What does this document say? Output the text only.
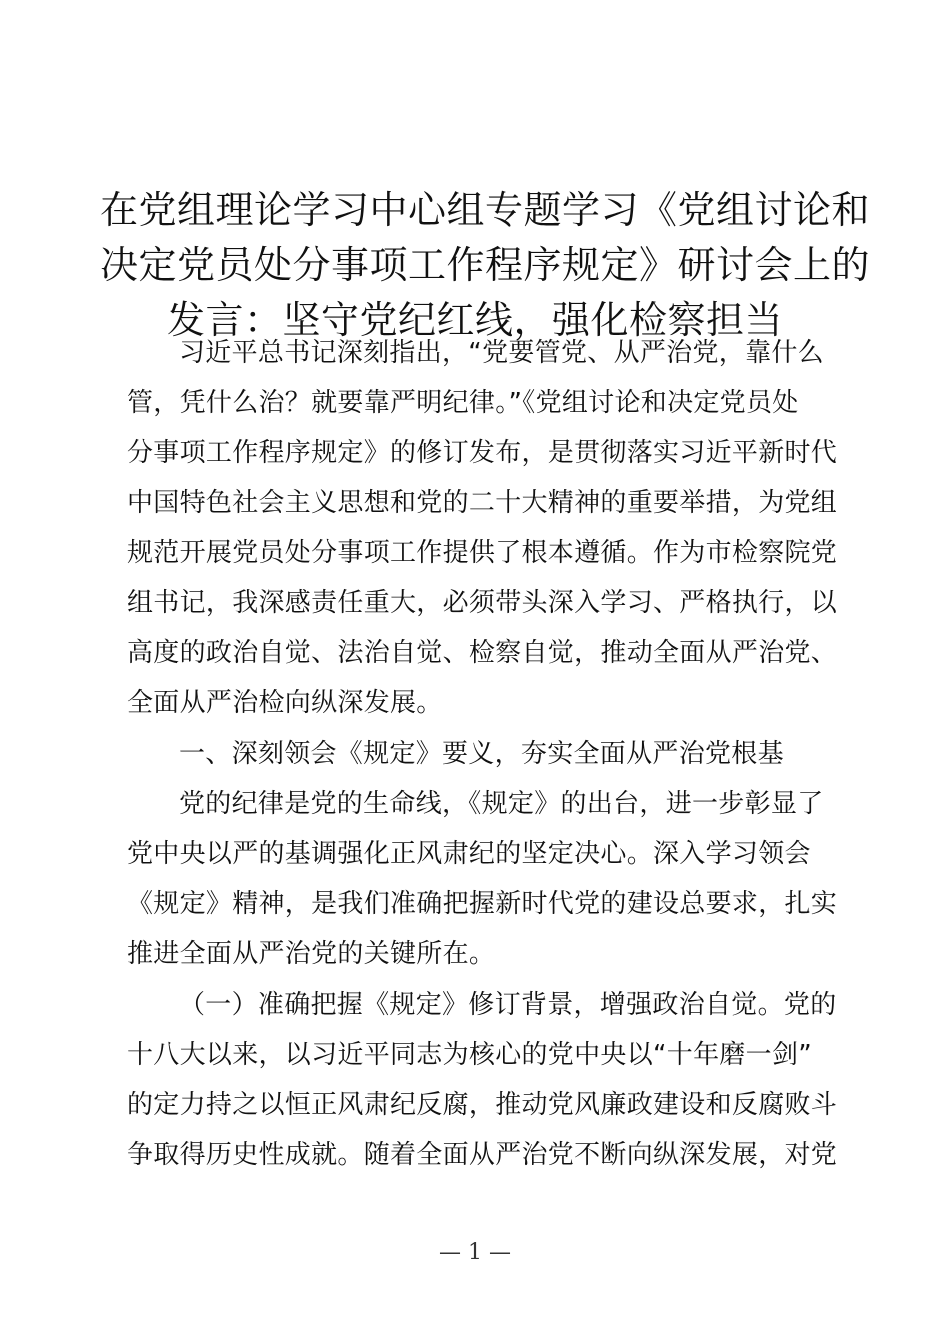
在党组理论学习中心组专题学习《党组讨论和
决定党员处分事项工作程序规定》研讨会上的
发言：坚守党纪红线，强化检察担当
习近平总书记深刻指出，“党要管党、从严治党，靠什么
管，凭什么治？就要靠严明纪律。”《党组讨论和决定党员处
分事项工作程序规定》的修订发布，是贯彻落实习近平新时代
中国特色社会主义思想和党的二十大精神的重要举措，为党组
规范开展党员处分事项工作提供了根本遵循。作为市检察院党
组书记，我深感责任重大，必须带头深入学习、严格执行，以
高度的政治自觉、法治自觉、检察自觉，推动全面从严治党、
全面从严治检向纵深发展。
一、深刻领会《规定》要义，夯实全面从严治党根基
党的纪律是党的生命线，《规定》的出台，进一步彰显了
党中央以严的基调强化正风肃纪的坚定决心。深入学习领会
《规定》精神，是我们准确把握新时代党的建设总要求，扎实
推进全面从严治党的关键所在。
（一）准确把握《规定》修订背景，增强政治自觉。党的
十八大以来，以习近平同志为核心的党中央以“十年磨一剑”
的定力持之以恒正风肃纪反腐，推动党风廉政建设和反腐败斗
争取得历史性成就。随着全面从严治党不断向纵深发展，对党
— 1 —
